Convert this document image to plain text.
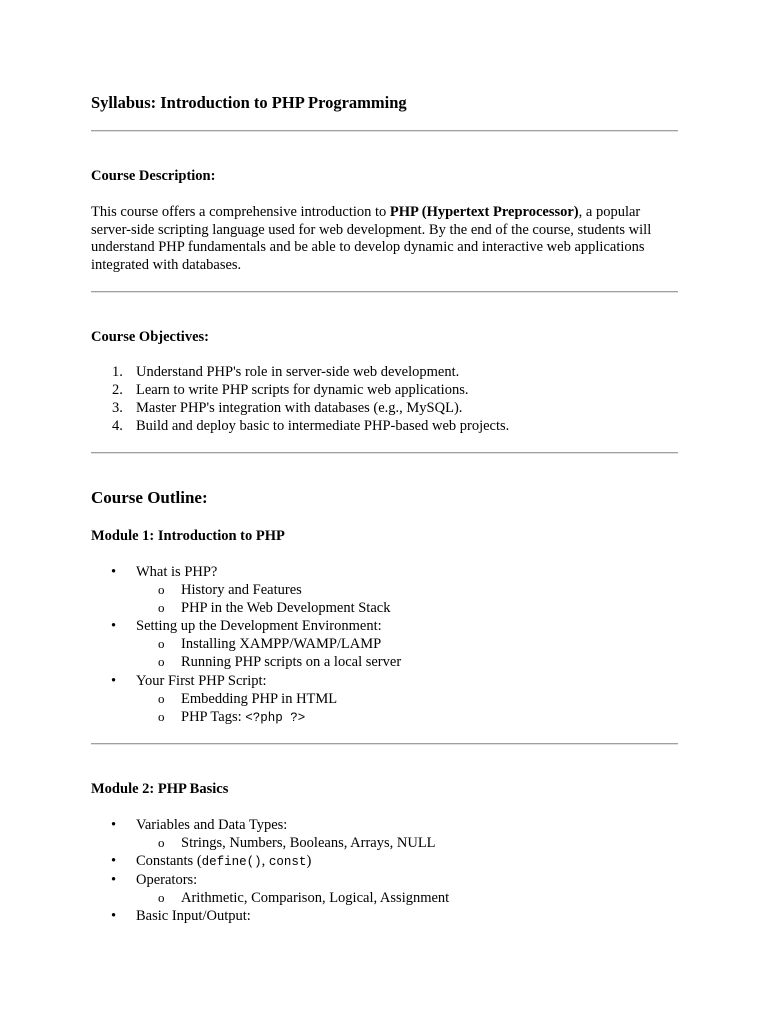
Syllabus: Introduction to PHP Programming
Course Description:
This course offers a comprehensive introduction to PHP (Hypertext Preprocessor), a popular server-side scripting language used for web development. By the end of the course, students will understand PHP fundamentals and be able to develop dynamic and interactive web applications integrated with databases.
Course Objectives:
1. Understand PHP's role in server-side web development.
2. Learn to write PHP scripts for dynamic web applications.
3. Master PHP's integration with databases (e.g., MySQL).
4. Build and deploy basic to intermediate PHP-based web projects.
Course Outline:
Module 1: Introduction to PHP
• What is PHP?
o History and Features
o PHP in the Web Development Stack
• Setting up the Development Environment:
o Installing XAMPP/WAMP/LAMP
o Running PHP scripts on a local server
• Your First PHP Script:
o Embedding PHP in HTML
o PHP Tags: <?php ?>
Module 2: PHP Basics
• Variables and Data Types:
o Strings, Numbers, Booleans, Arrays, NULL
• Constants (define(), const)
• Operators:
o Arithmetic, Comparison, Logical, Assignment
• Basic Input/Output:
